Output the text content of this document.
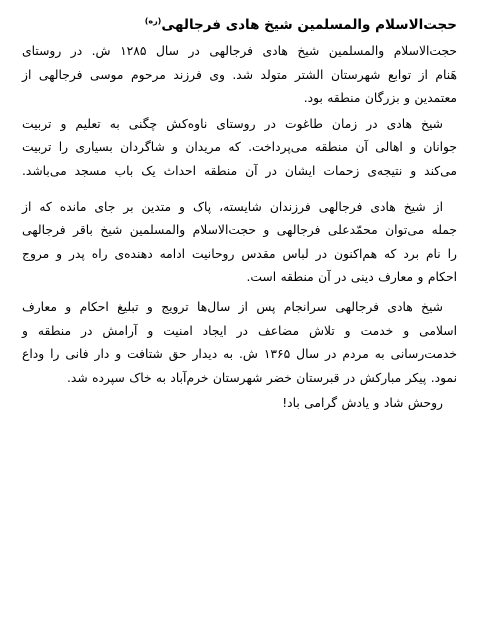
حجت‌الاسلام والمسلمین شیخ هادی فرجالهی$^{(ره)}$
حجت‌الاسلام والمسلمین شیخ هادی فرجالهی در سال ۱۲۸۵ ش. در روستای
هَنام از توابع شهرستان الشتر متولد شد. وی فرزند مرحوم موسی فرجالهی از
معتمدین و بزرگان منطقه بود.
شیخ هادی در زمان طاغوت در روستای ناوه‌کش چگنی به تعلیم و تربیت
جوانان و اهالی آن منطقه می‌پرداخت. که مریدان و شاگردان بسیاری را تربیت
می‌کند و نتیجه‌ی زحمات ایشان در آن منطقه احداث یک باب مسجد می‌باشد.
از شیخ هادی فرجالهی فرزندان شایسته، پاک و متدین بر جای مانده که از
جمله می‌توان محمّدعلی فرجالهی و حجت‌الاسلام والمسلمین شیخ باقر فرجالهی
را نام برد که هم‌اکنون در لباس مقدس روحانیت ادامه دهنده‌ی راه پدر و مروج
احکام و معارف دینی در آن منطقه است.
شیخ هادی فرجالهی سرانجام پس از سال‌ها ترویج و تبلیغ احکام و معارف
اسلامی و خدمت و تلاش مضاعف در ایجاد امنیت و آرامش در منطقه و
خدمت‌رسانی به مردم در سال ۱۳۶۵ ش. به دیدار حق شتافت و دار فانی را وداع
نمود. پیکر مبارکش در قبرستان خضر شهرستان خرم‌آباد به خاک سپرده شد.
روحش شاد و یادش گرامی باد!
